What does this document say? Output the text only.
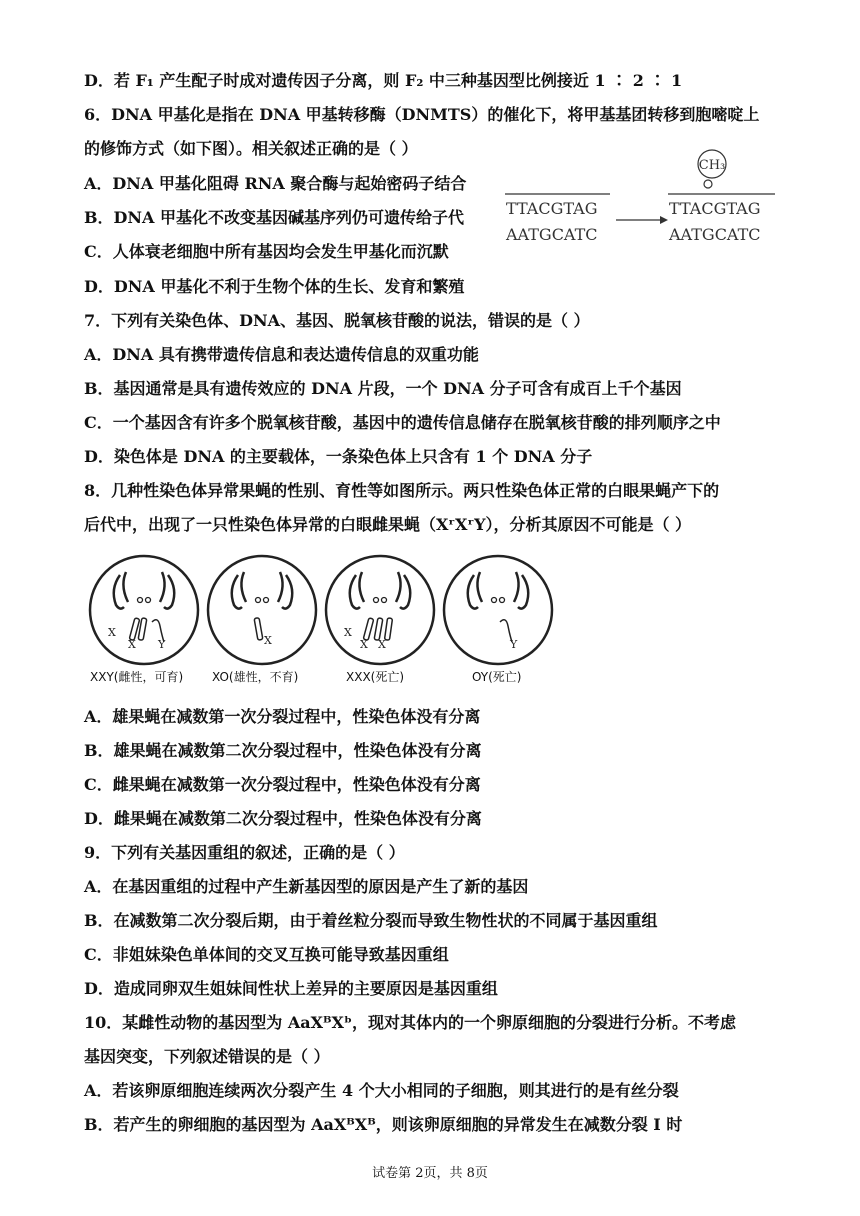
D．若 F₁ 产生配子时成对遗传因子分离，则 F₂ 中三种基因型比例接近 1 ∶ 2 ∶ 1
6．DNA 甲基化是指在 DNA 甲基转移酶（DNMTS）的催化下，将甲基基团转移到胞嘧啶上
的修饰方式（如下图）。相关叙述正确的是（ ）
A．DNA 甲基化阻碍 RNA 聚合酶与起始密码子结合
B．DNA 甲基化不改变基因碱基序列仍可遗传给子代
C．人体衰老细胞中所有基因均会发生甲基化而沉默
D．DNA 甲基化不利于生物个体的生长、发育和繁殖
7．下列有关染色体、DNA、基因、脱氧核苷酸的说法，错误的是（ ）
A．DNA 具有携带遗传信息和表达遗传信息的双重功能
B．基因通常是具有遗传效应的 DNA 片段，一个 DNA 分子可含有成百上千个基因
C．一个基因含有许多个脱氧核苷酸，基因中的遗传信息储存在脱氧核苷酸的排列顺序之中
D．染色体是 DNA 的主要载体，一条染色体上只含有 1 个 DNA 分子
8．几种性染色体异常果蝇的性别、育性等如图所示。两只性染色体正常的白眼果蝇产下的
后代中，出现了一只性染色体异常的白眼雌果蝇（XʳXʳY），分析其原因不可能是（ ）
TTACGTAG
AATGCATC
CH₃
TTACGTAG
AATGCATC
X
X Y	X
X
X X	Y
XXY(雌性，可育) XO(雄性，不育)	XXX(死亡)	OY(死亡)
A．雄果蝇在减数第一次分裂过程中，性染色体没有分离
B．雄果蝇在减数第二次分裂过程中，性染色体没有分离
C．雌果蝇在减数第一次分裂过程中，性染色体没有分离
D．雌果蝇在减数第二次分裂过程中，性染色体没有分离
9．下列有关基因重组的叙述，正确的是（ ）
A．在基因重组的过程中产生新基因型的原因是产生了新的基因
B．在减数第二次分裂后期，由于着丝粒分裂而导致生物性状的不同属于基因重组
C．非姐妹染色单体间的交叉互换可能导致基因重组
D．造成同卵双生姐妹间性状上差异的主要原因是基因重组
10．某雌性动物的基因型为 AaXᴮXᵇ，现对其体内的一个卵原细胞的分裂进行分析。不考虑
基因突变，下列叙述错误的是（ ）
A．若该卵原细胞连续两次分裂产生 4 个大小相同的子细胞，则其进行的是有丝分裂
B．若产生的卵细胞的基因型为 AaXᴮXᴮ，则该卵原细胞的异常发生在减数分裂 I 时
试卷第 2页，共 8页
